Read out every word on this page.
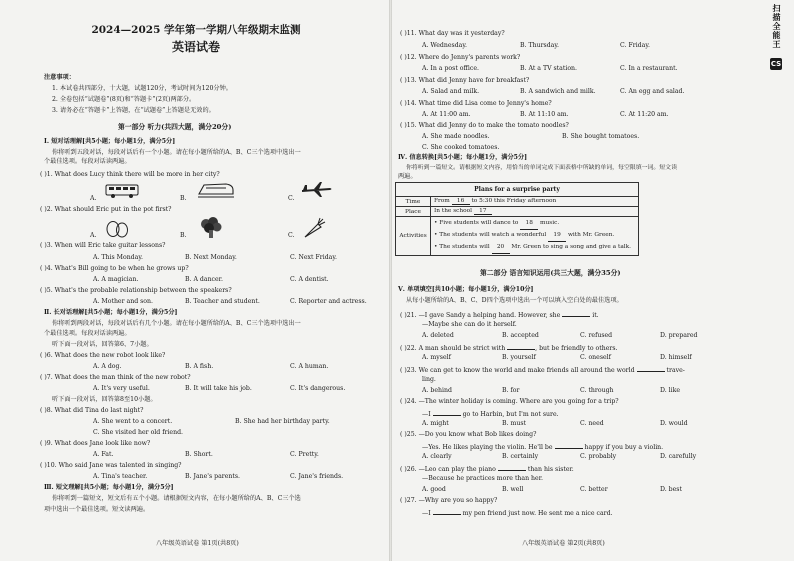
2024—2025 学年第一学期八年级期末监测
英语试卷
注意事项：
1. 本试卷共四部分，十大题，试题120分，考试时间为120分钟。
2. 全卷包括“试题卷”(8页)和“答题卡”(2页)两部分。
3. 请务必在“答题卡”上答题，在“试题卷”上答题是无效的。
第一部分 听力(共四大题，满分20分)
Ⅰ. 短对话理解[共5小题；每小题1分，满分5分]
你将听到五段对话，每段对话后有一个小题。请在每小题所给的A、B、C三个选项中选出一
个最佳选项。每段对话读两遍。
( )1. What does Lucy think there will be more in her city?
A.	B.	C.
( )2. What should Eric put in the pot first?
A.	B.	C.
( )3. When will Eric take guitar lessons?
A. This Monday.	B. Next Monday.	C. Next Friday.
( )4. What's Bill going to be when he grows up?
A. A magician.	B. A dancer.	C. A dentist.
( )5. What's the probable relationship between the speakers?
A. Mother and son.	B. Teacher and student.	C. Reporter and actress.
Ⅱ. 长对话理解[共5小题；每小题1分，满分5分]
你将听到两段对话，每段对话后有几个小题。请在每小题所给的A、B、C三个选项中选出一
个最佳选项。每段对话读两遍。
听下面一段对话，回答第6、7小题。
( )6. What does the new robot look like?
A. A dog.	B. A fish.	C. A human.
( )7. What does the man think of the new robot?
A. It's very useful.	B. It will take his job.	C. It's dangerous.
听下面一段对话，回答第8至10小题。
( )8. What did Tina do last night?
A. She went to a concert.	B. She had her birthday party.
C. She visited her old friend.
( )9. What does Jane look like now?
A. Fat.	B. Short.	C. Pretty.
( )10. Who said Jane was talented in singing?
A. Tina's teacher.	B. Jane's parents.	C. Jane's friends.
Ⅲ. 短文理解[共5小题；每小题1分，满分5分]
你将听到一篇短文，短文后有五个小题。请根据短文内容，在每小题所给的A、B、C三个选
项中选出一个最佳选项。短文读两遍。
八年级英语试卷 第1页(共8页)
( )11. What day was it yesterday?
A. Wednesday.	B. Thursday.	C. Friday.
( )12. Where do Jenny's parents work?
A. In a post office.	B. At a TV station.	C. In a restaurant.
( )13. What did Jenny have for breakfast?
A. Salad and milk.	B. A sandwich and milk.	C. An egg and salad.
( )14. What time did Lisa come to Jenny's home?
A. At 11:00 am.	B. At 11:10 am.	C. At 11:20 am.
( )15. What did Jenny do to make the tomato noodles?
A. She made noodles.	B. She bought tomatoes.
C. She cooked tomatoes.
Ⅳ. 信息转换[共5小题；每小题1分，满分5分]
你将听到一篇短文。请根据短文内容，用恰当的单词完成下面表格中所缺的单词，每空限填一词。短文读
两遍。
第二部分 语言知识运用(共三大题，满分35分)
Ⅴ. 单项填空[共10小题；每小题1分，满分10分]
从每小题所给的A、B、C、D四个选项中选出一个可以填入空白处的最佳选项。
( )21. —I gave Sandy a helping hand. However, she	it.
—Maybe she can do it herself.
A. deleted	B. accepted	C. refused	D. prepared
( )22. A man should be strict with	, but be friendly to others.
A. myself	B. yourself	C. oneself	D. himself
( )23. We can get to know the world and make friends all around the world	trave-
ling.
A. behind	B. for	C. through	D. like
( )24. —The winter holiday is coming. Where are you going for a trip?
—I	go to Harbin, but I'm not sure.
A. might	B. must	C. need	D. would
( )25. —Do you know what Bob likes doing?
—Yes. He likes playing the violin. He'll be	happy if you buy a violin.
A. clearly	B. certainly	C. probably	D. carefully
( )26. —Leo can play the piano	than his sister.
—Because he practices more than her.
A. good	B. well	C. better	D. best
( )27. —Why are you so happy?
—I	my pen friend just now. He sent me a nice card.
八年级英语试卷 第2页(共8页)
Plans for a surprise party	
Time	From 16 to 5:30 this Friday afternoon
Place	In the school 17
Activities	• Five students will dance to 18 music.
• The students will watch a wonderful 19 with Mr. Green.
• The students will 20 Mr. Green to sing a song and give a talk.
扫描全能王
CS
